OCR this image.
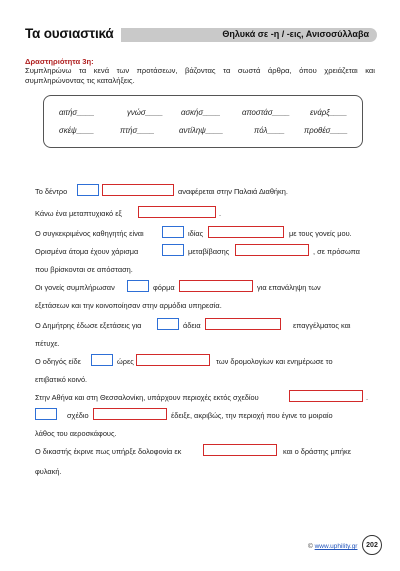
Τα ουσιαστικά	Θηλυκά σε -η / -εις, Ανισοσύλλαβα
Δραστηριότητα 3η:
Συμπληρώνω τα κενά των προτάσεων, βάζοντας τα σωστά άρθρα, όπου χρειάζεται και συμπληρώνοντας τις καταλήξεις.
αιτήσ____	γνώσ____ ασκήσ____	αποστάσ____	ενάρξ____
σκέψ____	πτήσ____	αντίληψ____	πόλ____ προθέσ____
Το δέντρο	αναφέρεται στην Παλαιά Διαθήκη.
Κάνω ένα μεταπτυχιακό εξ	.
Ο συγκεκριμένος καθηγητής είναι	ιδίας	με τους γονείς μου.
Ορισμένα άτομα έχουν χάρισμα	μεταβίβασης	, σε πρόσωπα
που βρίσκονται σε απόσταση.
Οι γονείς συμπλήρωσαν	φόρμα	για επανάληψη των
εξετάσεων και την κοινοποίησαν στην αρμόδια υπηρεσία.
Ο Δημήτρης έδωσε εξετάσεις για	άδεια	επαγγέλματος και
πέτυχε.
Ο οδηγός είδε	ώρες	των δρομολογίων και ενημέρωσε το
επιβατικό κοινό.
Στην Αθήνα και στη Θεσσαλονίκη, υπάρχουν περιοχές εκτός σχεδίου	.
σχέδιο	έδειξε, ακριβώς, την περιοχή που έγινε το μοιραίο
λάθος του αεροσκάφους.
Ο δικαστής έκρινε πως υπήρξε δολοφονία εκ	και ο δράστης μπήκε
φυλακή.
© www.uphility.gr	202
